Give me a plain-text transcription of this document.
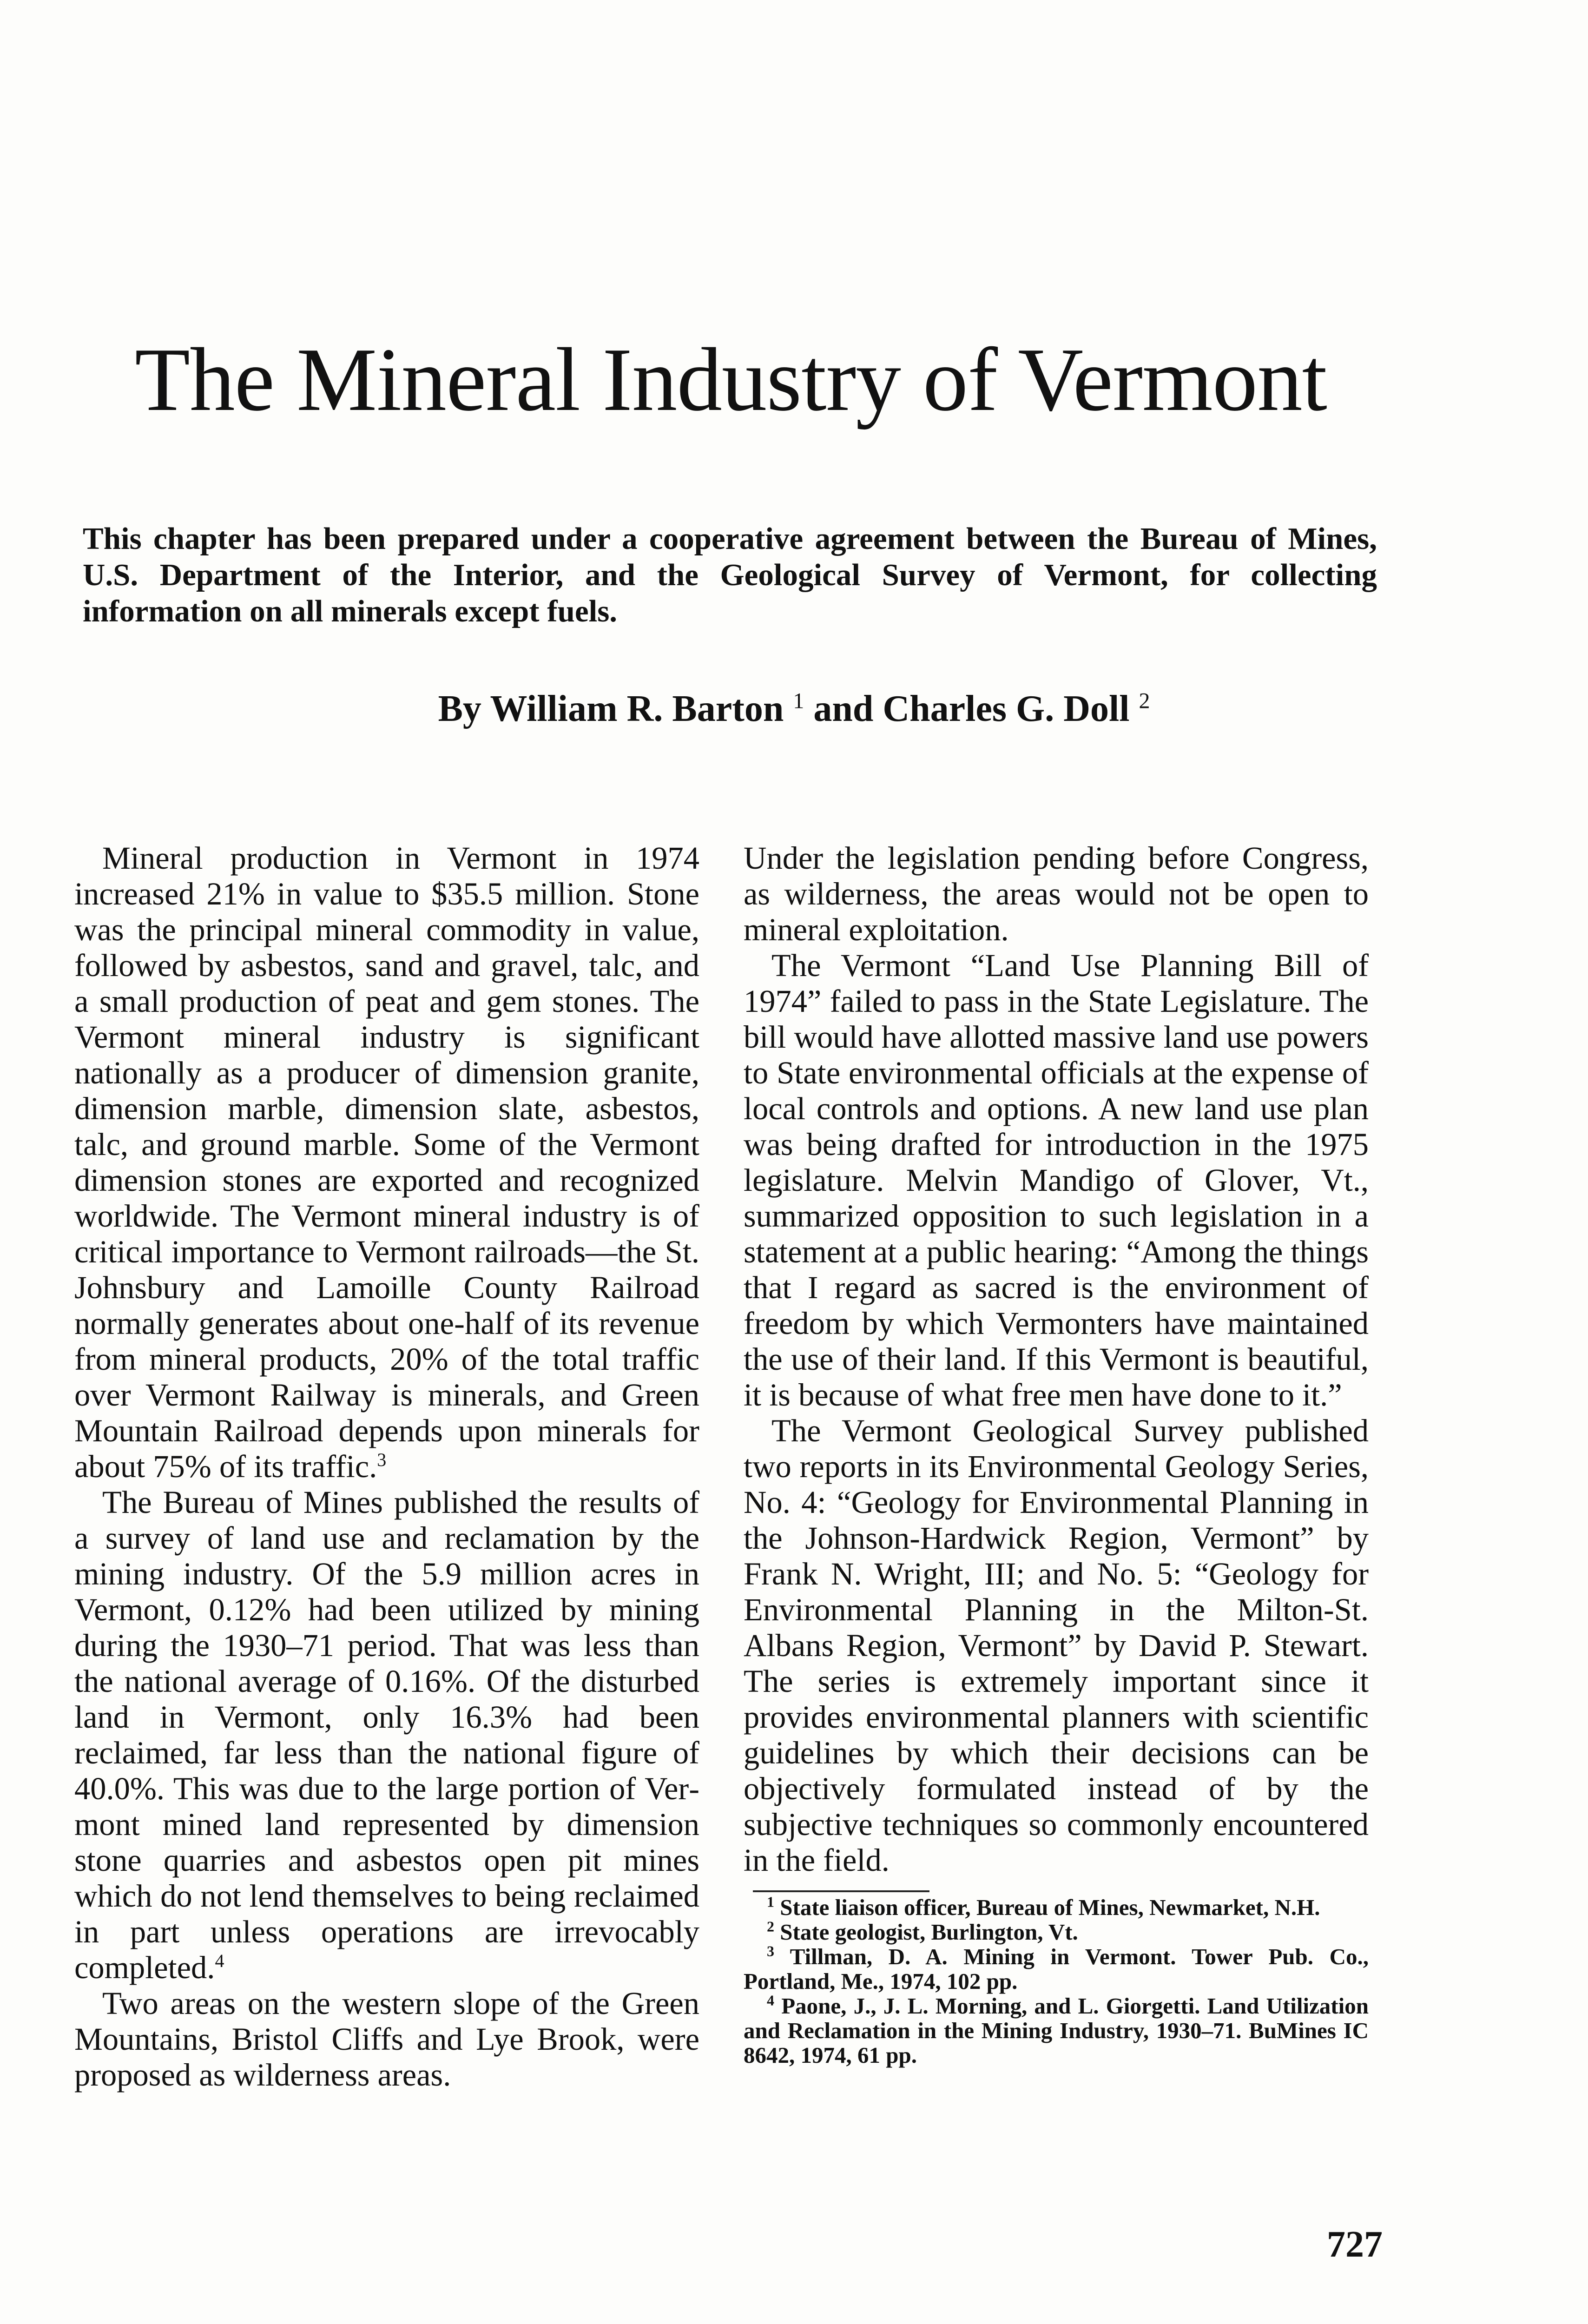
The Mineral Industry of Vermont
This chapter has been prepared under a cooperative agreement between the Bureau of Mines, U.S. Department of the Interior, and the Geological Survey of Vermont, for collecting information on all minerals except fuels.
By William R. Barton $^1$ and Charles G. Doll $^2$

Mineral production in Vermont in 1974 increased 21% in value to $35.5 million. Stone was the principal mineral commodity in value, followed by asbestos, sand and gravel, talc, and a small production of peat and gem stones. The Vermont mineral industry is significant nationally as a producer of dimension granite, dimension marble, dimension slate, asbestos, talc, and ground marble. Some of the Vermont dimension stones are exported and recognized worldwide. The Vermont mineral industry is of critical importance to Vermont railroads—the St. Johnsbury and Lamoille County Railroad normally generates about one-half of its revenue from mineral products, 20% of the total traffic over Vermont Railway is minerals, and Green Mountain Railroad depends upon minerals for about 75% of its traffic.$^3$

The Bureau of Mines published the results of a survey of land use and reclamation by the mining industry. Of the 5.9 million acres in Vermont, 0.12% had been utilized by mining during the 1930–71 period. That was less than the national average of 0.16%. Of the disturbed land in Vermont, only 16.3% had been reclaimed, far less than the national figure of 40.0%. This was due to the large portion of Vermont mined land represented by dimension stone quarries and asbestos open pit mines which do not lend themselves to being reclaimed in part unless operations are irrevocably completed.$^4$

Two areas on the western slope of the Green Mountains, Bristol Cliffs and Lye Brook, were proposed as wilderness areas.

Under the legislation pending before Congress, as wilderness, the areas would not be open to mineral exploitation.

The Vermont “Land Use Planning Bill of 1974” failed to pass in the State Legislature. The bill would have allotted massive land use powers to State environmental officials at the expense of local controls and options. A new land use plan was being drafted for introduction in the 1975 legislature. Melvin Mandigo of Glover, Vt., summarized opposition to such legislation in a statement at a public hearing: “Among the things that I regard as sacred is the environment of freedom by which Vermonters have maintained the use of their land. If this Vermont is beautiful, it is because of what free men have done to it.”

The Vermont Geological Survey published two reports in its Environmental Geology Series, No. 4: “Geology for Environmental Planning in the Johnson-Hardwick Region, Vermont” by Frank N. Wright, III; and No. 5: “Geology for Environmental Planning in the Milton-St. Albans Region, Vermont” by David P. Stewart. The series is extremely important since it provides environmental planners with scientific guidelines by which their decisions can be objectively formulated instead of by the subjective techniques so commonly encountered in the field.

$^1$ State liaison officer, Bureau of Mines, Newmarket, N.H.

$^2$ State geologist, Burlington, Vt.

$^3$ Tillman, D. A. Mining in Vermont. Tower Pub. Co., Portland, Me., 1974, 102 pp.

$^4$ Paone, J., J. L. Morning, and L. Giorgetti. Land Utilization and Reclamation in the Mining Industry, 1930–71. BuMines IC 8642, 1974, 61 pp.

727
